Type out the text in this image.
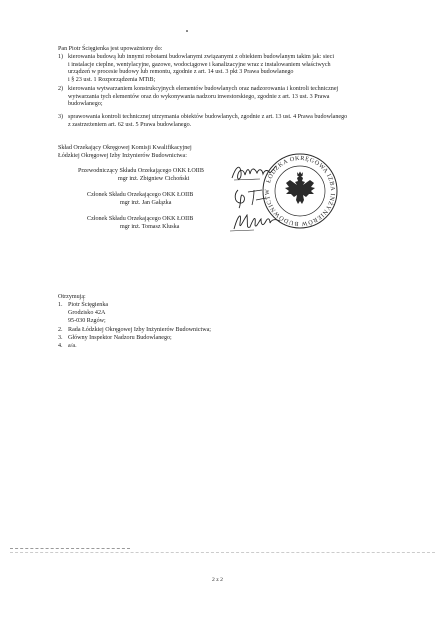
Pan Piotr Ścięgienka jest upoważniony do:
1) kierowania budową lub innymi robotami budowlanymi związanymi z obiektem budowlanym takim jak: sieci
i instalacje cieplne, wentylacyjne, gazowe, wodociągowe i kanalizacyjne wraz z instalowaniem właściwych
urządzeń w procesie budowy lub remontu, zgodnie z art. 14 ust. 3 pkt 3 Prawa budowlanego
i § 23 ust. 1 Rozporządzenia MTiB;
2) kierowania wytwarzaniem konstrukcyjnych elementów budowlanych oraz nadzorowania i kontroli technicznej
wytwarzania tych elementów oraz do wykonywania nadzoru inwestorskiego, zgodnie z art. 13 ust. 3 Prawa
budowlanego;
3) sprawowania kontroli technicznej utrzymania obiektów budowlanych, zgodnie z art. 13 ust. 4 Prawa budowlanego
z zastrzeżeniem art. 62 ust. 5 Prawa budowlanego.
Skład Orzekający Okręgowej Komisji Kwalifikacyjnej
Łódzkiej Okręgowej Izby Inżynierów Budownictwa:
Przewodniczący Składu Orzekającego OKK ŁOIIB
mgr inż. Zbigniew Cichoński
Członek Składu Orzekającego OKK ŁOIIB
mgr inż. Jan Gałązka
Członek Składu Orzekającego OKK ŁOIIB
mgr inż. Tomasz Kluska
ŁÓDZKA OKRĘGOWA IZBA INŻYNIERÓW BUDOWNICTWA
Otrzymują:
1. Piotr Ścięgienka
Grodzisko 42A
95-030 Rzgów;
2. Rada Łódzkiej Okręgowej Izby Inżynierów Budownictwa;
3. Główny Inspektor Nadzoru Budowlanego;
4. a/a.
2 z 2
